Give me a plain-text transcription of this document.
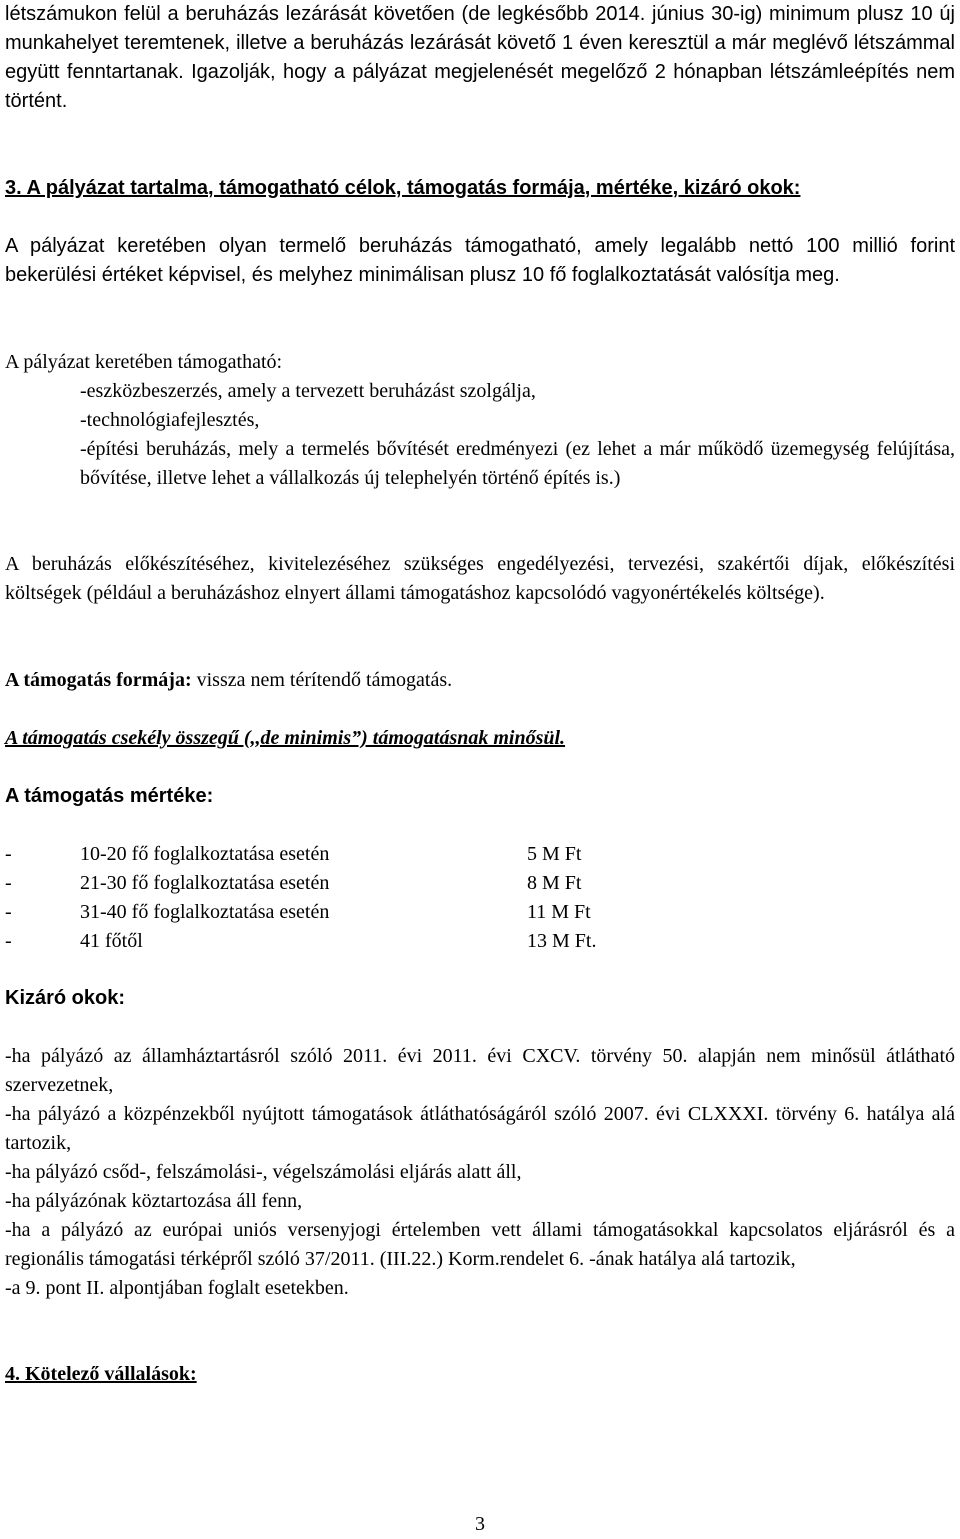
létszámukon felül a beruházás lezárását követően (de legkésőbb 2014. június 30-ig) minimum plusz 10 új munkahelyet teremtenek, illetve a beruházás lezárását követő 1 éven keresztül a már meglévő létszámmal együtt fenntartanak. Igazolják, hogy a pályázat megjelenését megelőző 2 hónapban létszámleépítés nem történt.

3. A pályázat tartalma, támogatható célok, támogatás formája, mértéke, kizáró okok:

A pályázat keretében olyan termelő beruházás támogatható, amely legalább nettó 100 millió forint bekerülési értéket képvisel, és melyhez minimálisan plusz 10 fő foglalkoztatását valósítja meg.

A pályázat keretében támogatható:

-eszközbeszerzés, amely a tervezett beruházást szolgálja,

-technológiafejlesztés,

-építési beruházás, mely a termelés bővítését eredményezi (ez lehet a már működő üzemegység felújítása, bővítése, illetve lehet a vállalkozás új telephelyén történő építés is.)

A beruházás előkészítéséhez, kivitelezéséhez szükséges engedélyezési, tervezési, szakértői díjak, előkészítési költségek (például a beruházáshoz elnyert állami támogatáshoz kapcsolódó vagyonértékelés költsége).

A támogatás formája: vissza nem térítendő támogatás.
A támogatás csekély összegű (,,de minimis”) támogatásnak minősül.
A támogatás mértéke:
-	10-20 fő foglalkoztatása esetén	5 M Ft
-	21-30 fő foglalkoztatása esetén	8 M Ft
-	31-40 fő foglalkoztatása esetén	11 M Ft
-	41 főtől	13 M Ft.
Kizáró okok:

-ha pályázó az államháztartásról szóló 2011. évi 2011. évi CXCV. törvény 50. alapján nem minősül átlátható szervezetnek,

-ha pályázó a közpénzekből nyújtott támogatások átláthatóságáról szóló 2007. évi CLXXXI. törvény 6. hatálya alá tartozik,

-ha pályázó csőd-, felszámolási-, végelszámolási eljárás alatt áll,

-ha pályázónak köztartozása áll fenn,

-ha a pályázó az európai uniós versenyjogi értelemben vett állami támogatásokkal kapcsolatos eljárásról és a regionális támogatási térképről szóló 37/2011. (III.22.) Korm.rendelet 6. -ának hatálya alá tartozik,

-a 9. pont II. alpontjában foglalt esetekben.

4. Kötelező vállalások:
3
